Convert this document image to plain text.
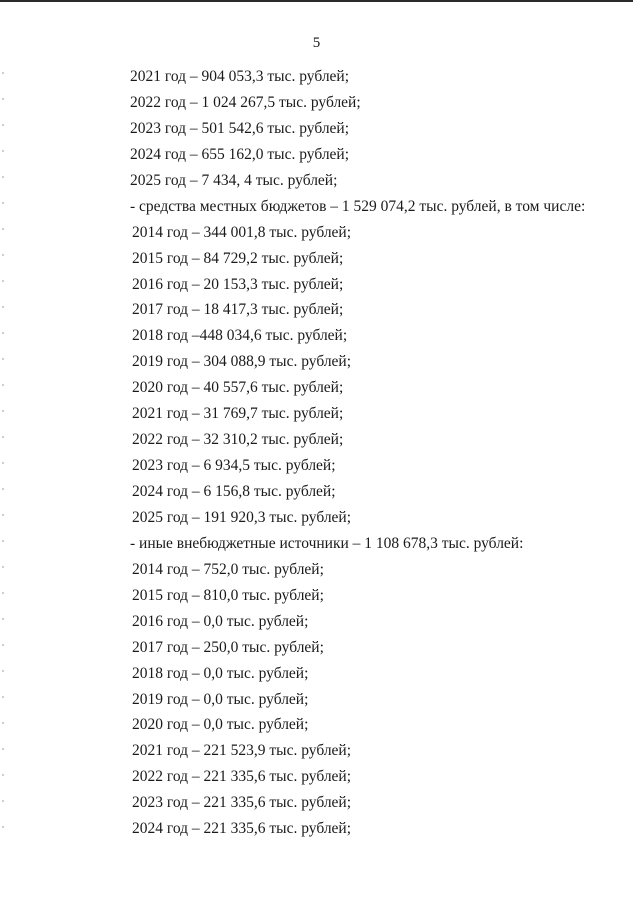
5
2021 год – 904 053,3 тыс. рублей;
2022 год – 1 024 267,5 тыс. рублей;
2023 год – 501 542,6 тыс. рублей;
2024 год – 655 162,0 тыс. рублей;
2025 год – 7 434, 4 тыс. рублей;
- средства местных бюджетов – 1 529 074,2 тыс. рублей, в том числе:
2014 год – 344 001,8 тыс. рублей;
2015 год – 84 729,2 тыс. рублей;
2016 год – 20 153,3 тыс. рублей;
2017 год – 18 417,3 тыс. рублей;
2018 год –448 034,6 тыс. рублей;
2019 год – 304 088,9 тыс. рублей;
2020 год – 40 557,6 тыс. рублей;
2021 год – 31 769,7 тыс. рублей;
2022 год – 32 310,2 тыс. рублей;
2023 год – 6 934,5 тыс. рублей;
2024 год – 6 156,8 тыс. рублей;
2025 год – 191 920,3 тыс. рублей;
- иные внебюджетные источники – 1 108 678,3 тыс. рублей:
2014 год – 752,0 тыс. рублей;
2015 год – 810,0 тыс. рублей;
2016 год – 0,0 тыс. рублей;
2017 год – 250,0 тыс. рублей;
2018 год – 0,0 тыс. рублей;
2019 год – 0,0 тыс. рублей;
2020 год – 0,0 тыс. рублей;
2021 год – 221 523,9 тыс. рублей;
2022 год – 221 335,6 тыс. рублей;
2023 год – 221 335,6 тыс. рублей;
2024 год – 221 335,6 тыс. рублей;
